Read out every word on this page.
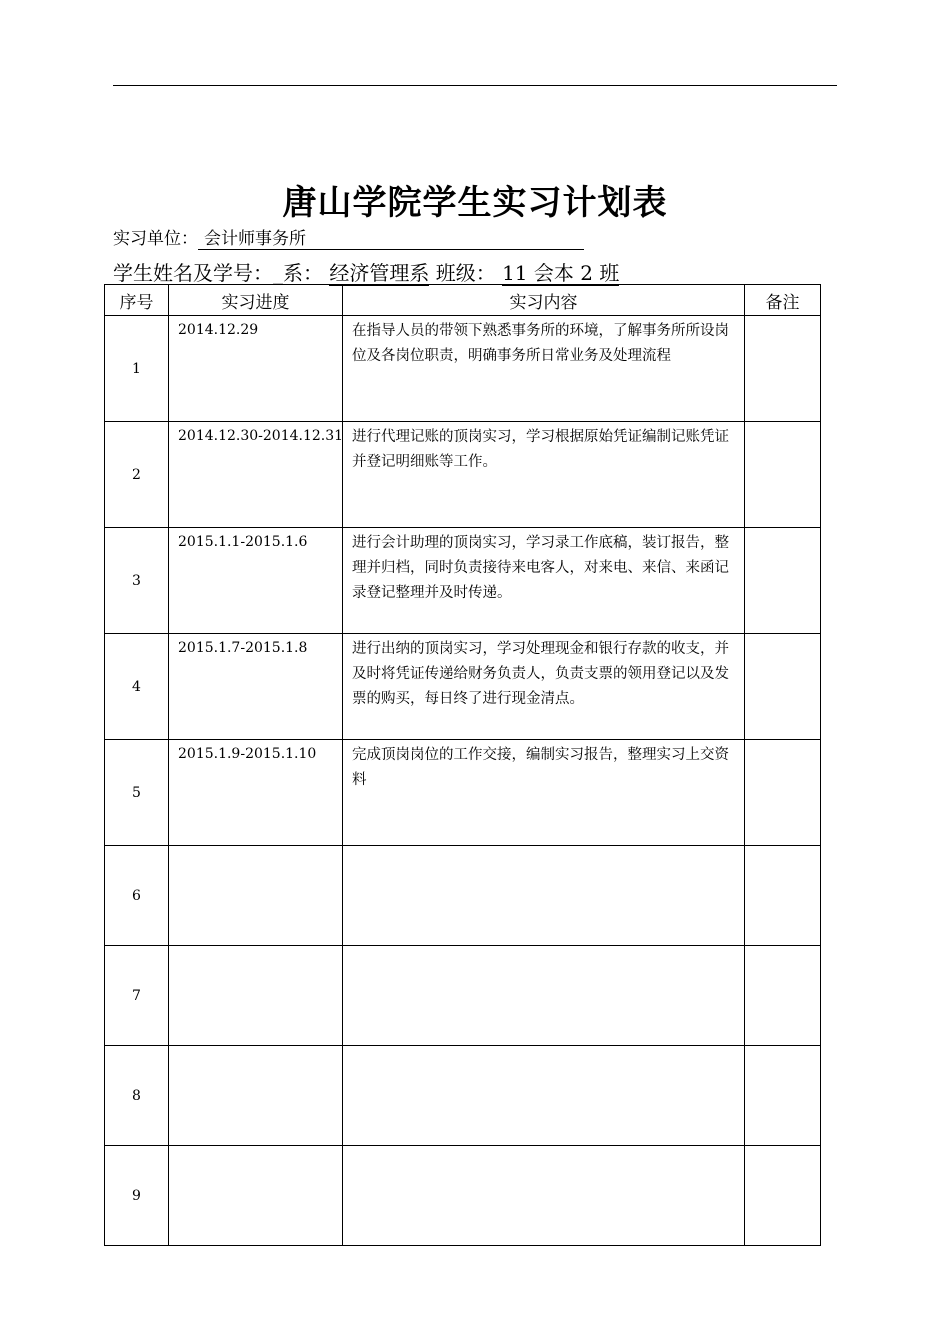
唐山学院学生实习计划表
实习单位： 会计师事务所
学生姓名及学号：_系： 经济管理系 班级： 11 会本 2 班
序号	实习进度	实习内容	备注
1	2014.12.29	在指导人员的带领下熟悉事务所的环境，了解事务所所设岗位及各岗位职责，明确事务所日常业务及处理流程	
2	2014.12.30-2014.12.31	进行代理记账的顶岗实习，学习根据原始凭证编制记账凭证并登记明细账等工作。	
3	2015.1.1-2015.1.6	进行会计助理的顶岗实习，学习录工作底稿，装订报告，整理并归档，同时负责接待来电客人，对来电、来信、来函记录登记整理并及时传递。	
4	2015.1.7-2015.1.8	进行出纳的顶岗实习，学习处理现金和银行存款的收支，并及时将凭证传递给财务负责人，负责支票的领用登记以及发票的购买，每日终了进行现金清点。	
5	2015.1.9-2015.1.10	完成顶岗岗位的工作交接，编制实习报告，整理实习上交资料	
6			
7			
8			
9			
